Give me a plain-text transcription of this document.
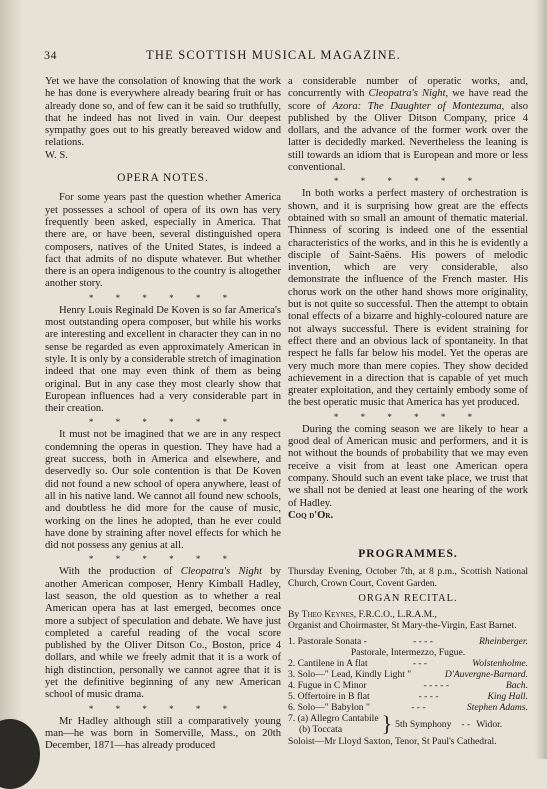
34	THE SCOTTISH MUSICAL MAGAZINE.

Yet we have the consolation of knowing that the work he has done is everywhere already bearing fruit or has already done so, and of few can it be said so truthfully, that he indeed has not lived in vain. Our deepest sympathy goes out to his greatly bereaved widow and relations.

W. S.

OPERA NOTES.

For some years past the question whether America yet possesses a school of opera of its own has very frequently been asked, especially in America. That there are, or have been, several distinguished opera composers, natives of the United States, is indeed a fact that admits of no dispute whatever. But whether there is an opera indigenous to the country is altogether another story.

* * * * * *

Henry Louis Reginald De Koven is so far America's most outstanding opera composer, but while his works are interesting and excellent in character they can in no sense be regarded as even approximately American in style. It is only by a considerable stretch of imagination indeed that one may even think of them as being original. But in any case they most clearly show that European influences had a very considerable part in their creation.

* * * * * *

It must not be imagined that we are in any respect condemning the operas in question. They have had a great success, both in America and elsewhere, and deservedly so. Our sole contention is that De Koven did not found a new school of opera anywhere, least of all in his native land. We cannot all found new schools, and doubtless he did more for the cause of music, working on the lines he adopted, than he ever could have done by straining after novel effects for which he did not possess any genius at all.

* * * * * *

With the production of Cleopatra's Night by another American composer, Henry Kimball Hadley, last season, the old question as to whether a real American opera has at last emerged, becomes once more a subject of speculation and debate. We have just completed a careful reading of the vocal score published by the Oliver Ditson Co., Boston, price 4 dollars, and while we freely admit that it is a work of high distinction, personally we cannot agree that it is yet the definitive beginning of any new American school of music drama.

* * * * * *

Mr Hadley although still a comparatively young man—he was born in Somerville, Mass., on 20th December, 1871—has already produced

a considerable number of operatic works, and, concurrently with Cleopatra's Night, we have read the score of Azora: The Daughter of Montezuma, also published by the Oliver Ditson Company, price 4 dollars, and the advance of the former work over the latter is decidedly marked. Nevertheless the leaning is still towards an idiom that is European and more or less conventional.

* * * * * *

In both works a perfect mastery of orchestration is shown, and it is surprising how great are the effects obtained with so small an amount of thematic material. Thinness of scoring is indeed one of the essential characteristics of the works, and in this he is evidently a disciple of Saint-Saëns. His powers of melodic invention, which are very considerable, also demonstrate the influence of the French master. His chorus work on the other hand shows more originality, but is not quite so successful. Then the attempt to obtain tonal effects of a bizarre and highly-coloured nature are not always successful. There is evident straining for effect there and an obvious lack of spontaneity. In that respect he falls far below his model. Yet the operas are very much more than mere copies. They show decided achievement in a direction that is capable of yet much greater exploitation, and they certainly embody some of the best operatic music that America has yet produced.

* * * * * *

During the coming season we are likely to hear a good deal of American music and performers, and it is not without the bounds of probability that we may even receive a visit from at least one American opera company. Should such an event take place, we trust that we shall not be denied at least one hearing of the work of Hadley.

Coq d'Or.

PROGRAMMES.

Thursday Evening, October 7th, at 8 p.m., Scottish National Church, Crown Court, Covent Garden.

ORGAN RECITAL.

By Theo Keynes, F.R.C.O., L.R.A.M.,

Organist and Choirmaster, St Mary-the-Virgin, East Barnet.

1. Pastorale Sonata -	- - - -	Rheinberger.
Pastorale, Intermezzo, Fugue.
2. Cantilene in A flat	- - -	Wolstenholme.
3. Solo—" Lead, Kindly Light "	D'Auvergne-Barnard.
4. Fugue in C Minor	- - - - -	Bach.
5. Offertoire in B flat	- - - -	King Hall.
6. Solo—" Babylon "	- - -	Stephen Adams.
7. (a) Allegro Cantabile
(b) Toccata	} 5th Symphony - - Widor.
Soloist—Mr Lloyd Saxton, Tenor, St Paul's Cathedral.
